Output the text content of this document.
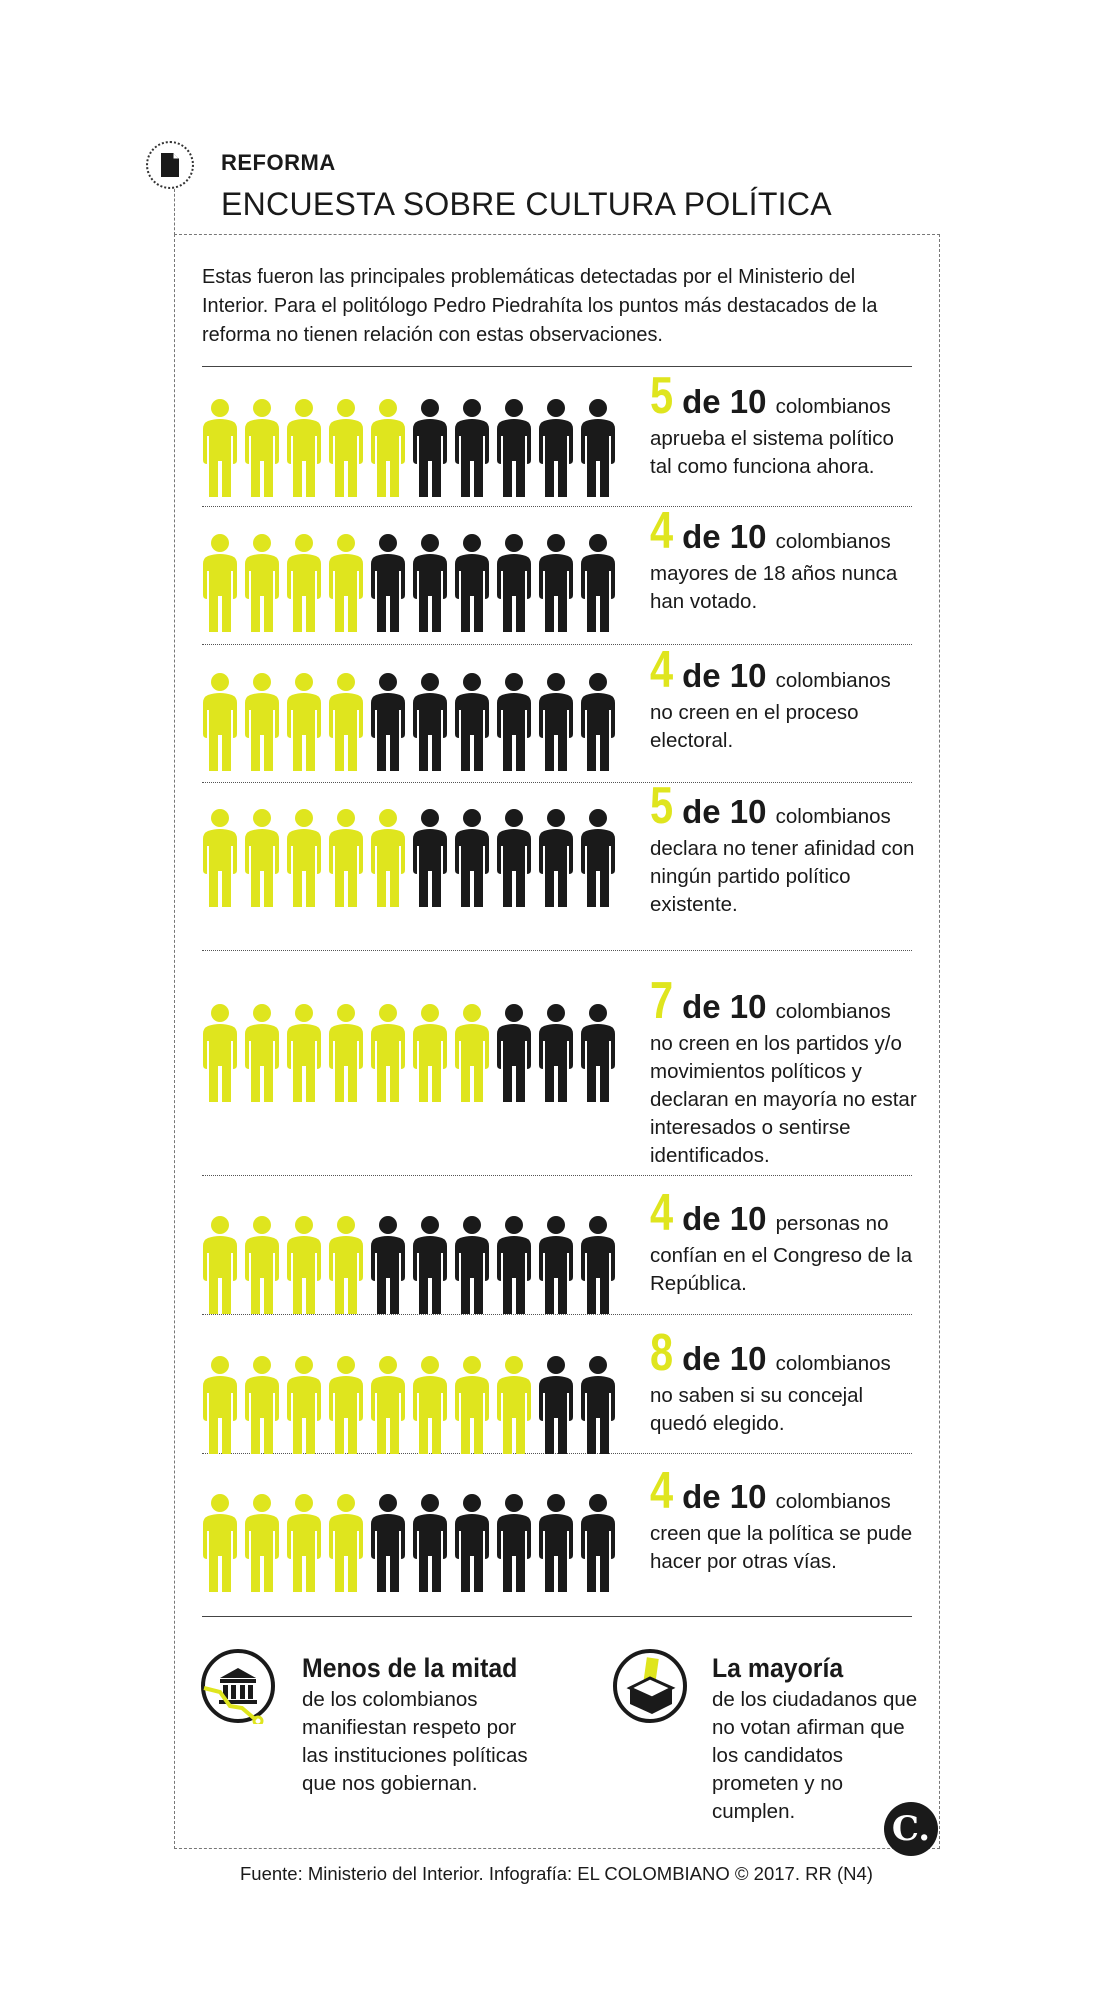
REFORMA
ENCUESTA SOBRE CULTURA POLÍTICA
Estas fueron las principales problemáticas detectadas por el Ministerio del Interior. Para el politólogo Pedro Piedrahíta los puntos más destacados de la reforma no tienen relación con estas observaciones.
5 de 10 colombianos
aprueba el sistema político tal como funciona ahora.
4 de 10 colombianos
mayores de 18 años nunca han votado.
4 de 10 colombianos
no creen en el proceso electoral.
5 de 10 colombianos
declara no tener afinidad con ningún partido político existente.
7 de 10 colombianos
no creen en los partidos y/o movimientos políticos y declaran en mayoría no estar interesados o sentirse identificados.
4 de 10 personas no
confían en el Congreso de la República.
8 de 10 colombianos
no saben si su concejal quedó elegido.
4 de 10 colombianos
creen que la política se pude hacer por otras vías.
Menos de la mitad
de los colombianos manifiestan respeto por las instituciones políticas que nos gobiernan.
La mayoría
de los ciudadanos que no votan afirman que los candidatos prometen y no cumplen.	C.
Fuente: Ministerio del Interior. Infografía: EL COLOMBIANO © 2017. RR (N4)
